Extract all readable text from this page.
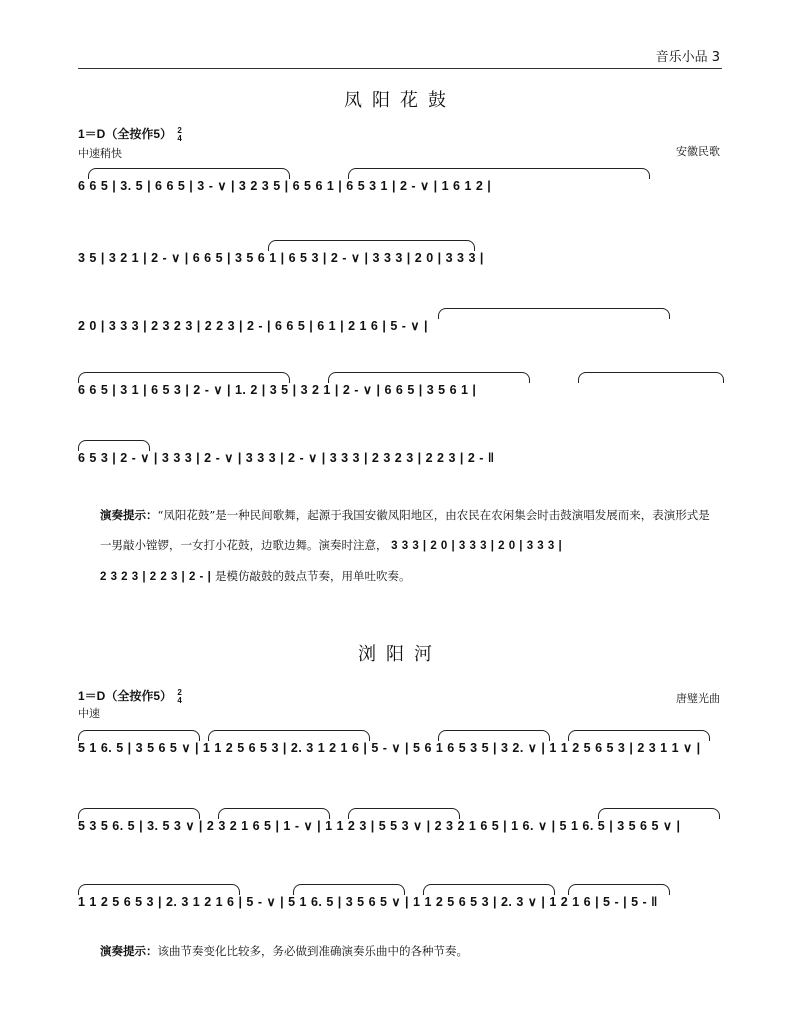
音乐小品 3
凤阳花鼓
1＝D（全按作5） 2
4
中速稍快	安徽民歌
6 6 5 | 3. 5 | 6 6 5 | 3 - ∨ | 3 2 3 5 | 6 5 6 1 | 6 5 3 1 | 2 - ∨ | 1 6 1 2 |
3 5 | 3 2 1 | 2 - ∨ | 6 6 5 | 3 5 6 1 | 6 5 3 | 2 - ∨ | 3 3 3 | 2 0 | 3 3 3 |
2 0 | 3 3 3 | 2 3 2 3 | 2 2 3 | 2 - | 6 6 5 | 6 1 | 2 1 6 | 5 - ∨ |
6 6 5 | 3 1 | 6 5 3 | 2 - ∨ | 1. 2 | 3 5 | 3 2 1 | 2 - ∨ | 6 6 5 | 3 5 6 1 |
6 5 3 | 2 - ∨ | 3 3 3 | 2 - ∨ | 3 3 3 | 2 - ∨ | 3 3 3 | 2 3 2 3 | 2 2 3 | 2 - ‖
演奏提示：“凤阳花鼓”是一种民间歌舞，起源于我国安徽凤阳地区，由农民在农闲集会时击鼓演唱发展而来，表演形式是一男敲小镗锣，一女打小花鼓，边歌边舞。演奏时注意， 3 3 3 | 2 0 | 3 3 3 | 2 0 | 3 3 3 |
2 3 2 3 | 2 2 3 | 2 - | 是模仿敲鼓的鼓点节奏，用单吐吹奏。
浏阳河
1＝D（全按作5） 2
4
中速
唐璧光曲
5 1 6. 5 | 3 5 6 5 ∨ | 1 1 2 5 6 5 3 | 2. 3 1 2 1 6 | 5 - ∨ | 5 6 1 6 5 3 5 | 3 2. ∨ | 1 1 2 5 6 5 3 | 2 3 1 1 ∨ |
5 3 5 6. 5 | 3. 5 3 ∨ | 2 3 2 1 6 5 | 1 - ∨ | 1 1 2 3 | 5 5 3 ∨ | 2 3 2 1 6 5 | 1 6. ∨ | 5 1 6. 5 | 3 5 6 5 ∨ |
1 1 2 5 6 5 3 | 2. 3 1 2 1 6 | 5 - ∨ | 5 1 6. 5 | 3 5 6 5 ∨ | 1 1 2 5 6 5 3 | 2. 3 ∨ | 1 2 1 6 | 5 - | 5 - ‖
演奏提示：该曲节奏变化比较多，务必做到准确演奏乐曲中的各种节奏。
